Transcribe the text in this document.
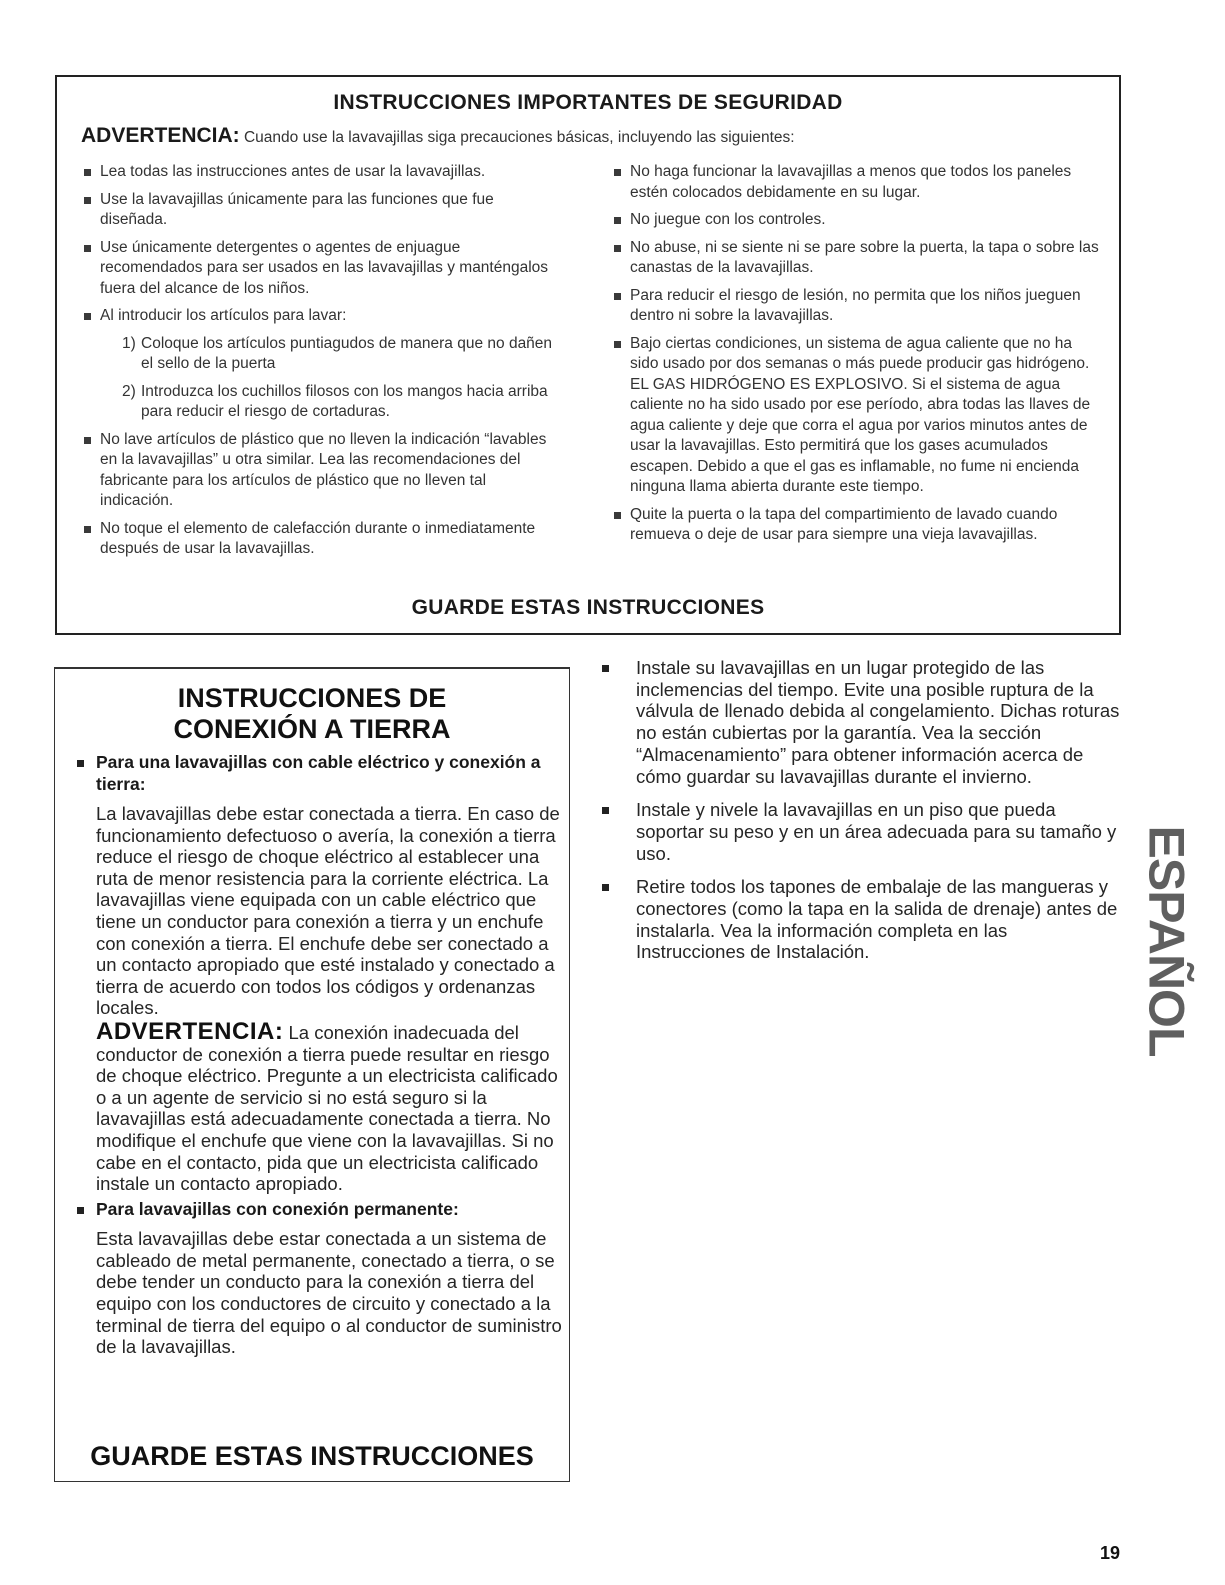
INSTRUCCIONES IMPORTANTES DE SEGURIDAD
ADVERTENCIA: Cuando use la lavavajillas siga precauciones básicas, incluyendo las siguientes:
Lea todas las instrucciones antes de usar la lavavajillas.
Use la lavavajillas únicamente para las funciones que fue diseñada.
Use únicamente detergentes o agentes de enjuague recomendados para ser usados en las lavavajillas y manténgalos fuera del alcance de los niños.
Al introducir los artículos para lavar:
1) Coloque los artículos puntiagudos de manera que no dañen el sello de la puerta
2) Introduzca los cuchillos filosos con los mangos hacia arriba para reducir el riesgo de cortaduras.
No lave artículos de plástico que no lleven la indicación “lavables en la lavavajillas” u otra similar. Lea las recomendaciones del fabricante para los artículos de plástico que no lleven tal indicación.
No toque el elemento de calefacción durante o inmediatamente después de usar la lavavajillas.
No haga funcionar la lavavajillas a menos que todos los paneles estén colocados debidamente en su lugar.
No juegue con los controles.
No abuse, ni se siente ni se pare sobre la puerta, la tapa o sobre las canastas de la lavavajillas.
Para reducir el riesgo de lesión, no permita que los niños jueguen dentro ni sobre la lavavajillas.
Bajo ciertas condiciones, un sistema de agua caliente que no ha sido usado por dos semanas o más puede producir gas hidrógeno. EL GAS HIDRÓGENO ES EXPLOSIVO. Si el sistema de agua caliente no ha sido usado por ese período, abra todas las llaves de agua caliente y deje que corra el agua por varios minutos antes de usar la lavavajillas. Esto permitirá que los gases acumulados escapen. Debido a que el gas es inflamable, no fume ni encienda ninguna llama abierta durante este tiempo.
Quite la puerta o la tapa del compartimiento de lavado cuando remueva o deje de usar para siempre una vieja lavavajillas.
GUARDE ESTAS INSTRUCCIONES
INSTRUCCIONES DE
CONEXIÓN A TIERRA
Para una lavavajillas con cable eléctrico y conexión a tierra:
La lavavajillas debe estar conectada a tierra. En caso de funcionamiento defectuoso o avería, la conexión a tierra reduce el riesgo de choque eléctrico al establecer una ruta de menor resistencia para la corriente eléctrica. La lavavajillas viene equipada con un cable eléctrico que tiene un conductor para conexión a tierra y un enchufe con conexión a tierra. El enchufe debe ser conectado a un contacto apropiado que esté instalado y conectado a tierra de acuerdo con todos los códigos y ordenanzas locales.
ADVERTENCIA: La conexión inadecuada del conductor de conexión a tierra puede resultar en riesgo de choque eléctrico. Pregunte a un electricista calificado o a un agente de servicio si no está seguro si la lavavajillas está adecuadamente conectada a tierra. No modifique el enchufe que viene con la lavavajillas. Si no cabe en el contacto, pida que un electricista calificado instale un contacto apropiado.
Para lavavajillas con conexión permanente:
Esta lavavajillas debe estar conectada a un sistema de cableado de metal permanente, conectado a tierra, o se debe tender un conducto para la conexión a tierra del equipo con los conductores de circuito y conectado a la terminal de tierra del equipo o al conductor de suministro de la lavavajillas.
GUARDE ESTAS INSTRUCCIONES
Instale su lavavajillas en un lugar protegido de las inclemencias del tiempo. Evite una posible ruptura de la válvula de llenado debida al congelamiento. Dichas roturas no están cubiertas por la garantía. Vea la sección “Almacenamiento” para obtener información acerca de cómo guardar su lavavajillas durante el invierno.
Instale y nivele la lavavajillas en un piso que pueda soportar su peso y en un área adecuada para su tamaño y uso.
Retire todos los tapones de embalaje de las mangueras y conectores (como la tapa en la salida de drenaje) antes de instalarla. Vea la información completa en las Instrucciones de Instalación.	ESPAÑOL
19
